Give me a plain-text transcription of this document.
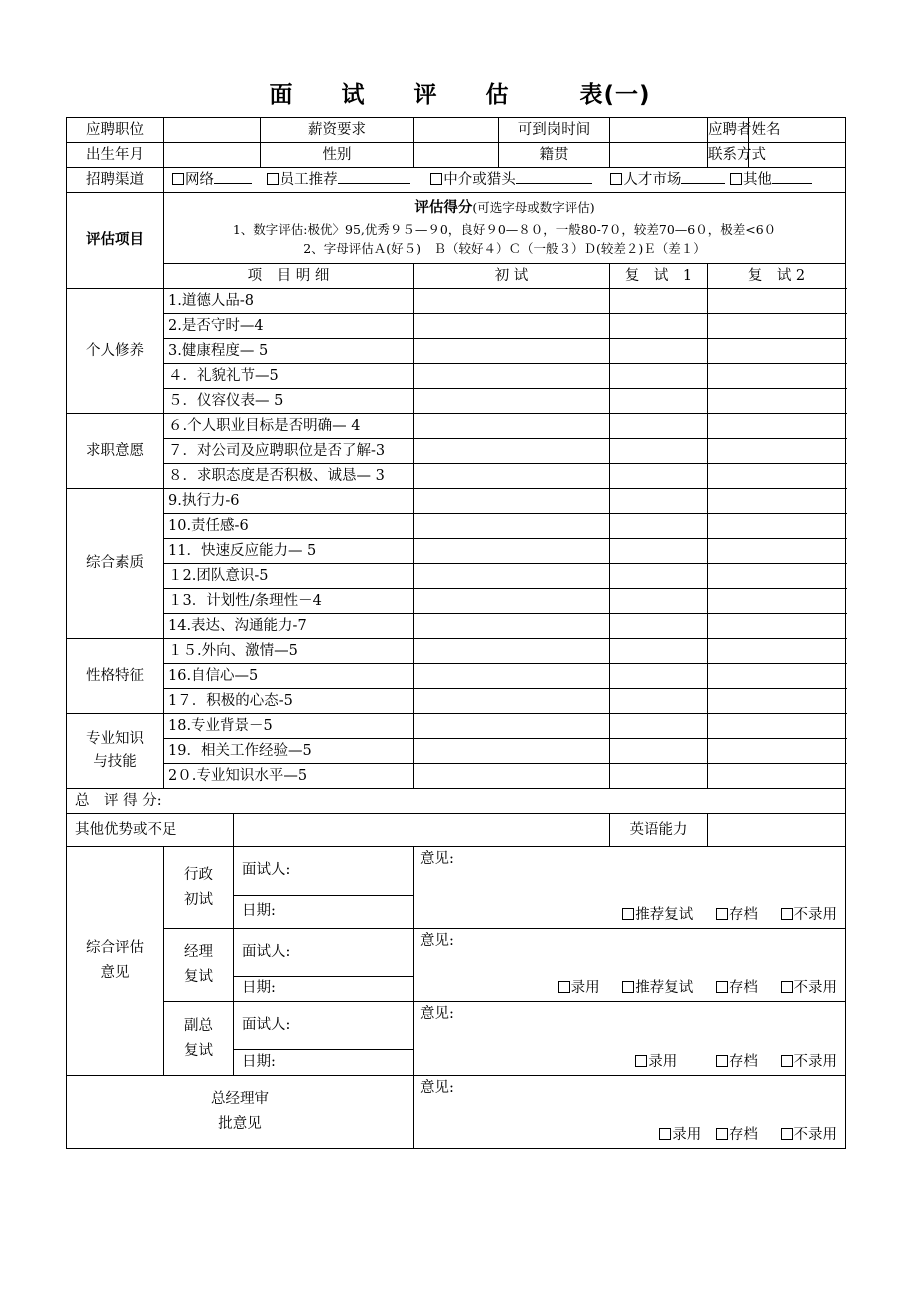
面 试 评 估	表(一)
应聘职位			薪资要求		可到岗时间		应聘者姓名	
出生年月			性别		籍贯		联系方式	
招聘渠道	网络 员工推荐 中介或猎头 人才市场 其他							
评估项目	评估得分(可选字母或数字评估)
1、数字评估:极优〉95,优秀９５—９0，良好９0—８０，一般80-7０，较差70—6０，极差<6０
2、字母评估Ａ(好５)　Ｂ（较好４）Ｃ（一般３）Ｄ(较差２)Ｅ（差１）							

	项　目 明 细			初 试		复　试　1	复　试 2	
个人修养	1.道德人品-8							
	2.是否守时—4							
	3.健康程度— 5							
	４．礼貌礼节—5							
	５．仪容仪表— 5							
求职意愿	６.个人职业目标是否明确— 4							
	７．对公司及应聘职位是否了解-3							
	８．求职态度是否积极、诚恳— 3							
综合素质	9.执行力-6							
	10.责任感-6							
	11．快速反应能力— 5							
	１2.团队意识-5							
	１3．计划性/条理性－4							
	14.表达、沟通能力-7							
性格特征	１５.外向、激情—5							
	16.自信心—5							
	1７．积极的心态-5							
专业知识与技能	18.专业背景－5							
	19．相关工作经验—5							
	2０.专业知识水平—5							
总　评 得 分:								
其他优势或不足						英语能力		
综合评估意见	行政初试	面试人:		意见:
推荐复试 存档 不录用				

		日期:						
	经理复试	面试人:		意见:
录用 推荐复试 存档 不录用				

		日期:						
	副总复试	面试人:		意见:
录用 存档 不录用				

		日期:						
总经理审批意见				意见:
录用 存档 不录用				
